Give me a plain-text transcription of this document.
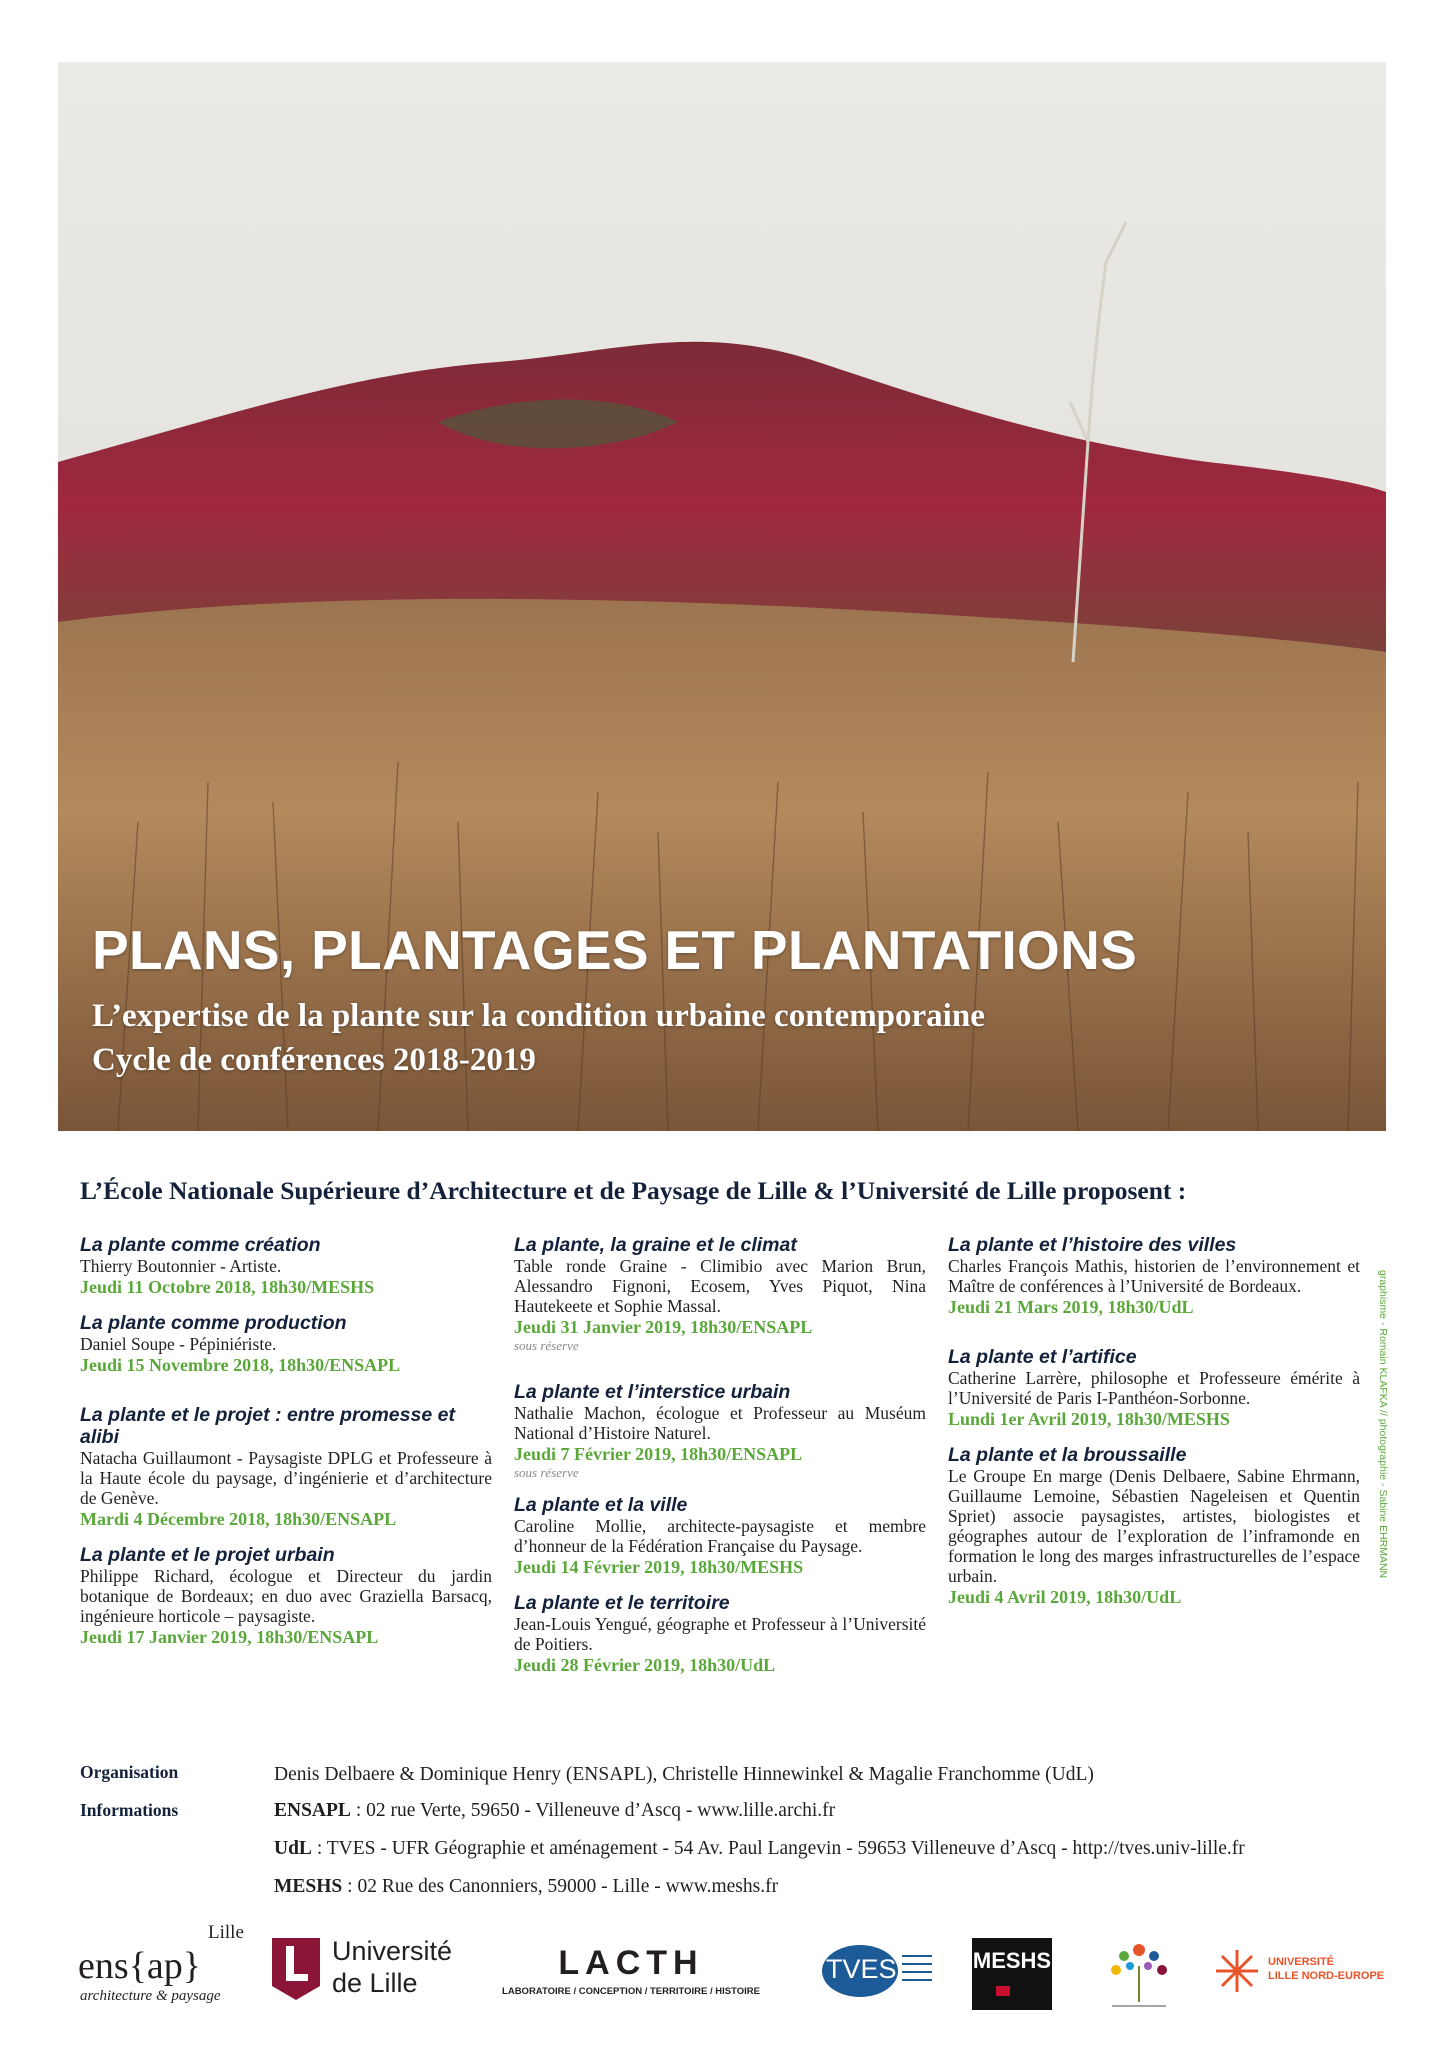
PLANS, PLANTAGES ET PLANTATIONS

L’expertise de la plante sur la condition urbaine contemporaine

Cycle de conférences 2018-2019

L’École Nationale Supérieure d’Architecture et de Paysage de Lille & l’Université de Lille proposent :
La plante comme création
Thierry Boutonnier - Artiste.
Jeudi 11 Octobre 2018, 18h30/MESHS
La plante comme production
Daniel Soupe - Pépiniériste.
Jeudi 15 Novembre 2018, 18h30/ENSAPL
La plante et le projet : entre promesse et alibi
Natacha Guillaumont - Paysagiste DPLG et Professeure à la Haute école du paysage, d’ingénierie et d’architecture de Genève.
Mardi 4 Décembre 2018, 18h30/ENSAPL
La plante et le projet urbain
Philippe Richard, écologue et Directeur du jardin botanique de Bordeaux; en duo avec Graziella Barsacq, ingénieure horticole – paysagiste.
Jeudi 17 Janvier 2019, 18h30/ENSAPL
La plante, la graine et le climat
Table ronde Graine - Climibio avec Marion Brun, Alessandro Fignoni, Ecosem, Yves Piquot, Nina Hautekeete et Sophie Massal.
Jeudi 31 Janvier 2019, 18h30/ENSAPL
sous réserve
La plante et l’interstice urbain
Nathalie Machon, écologue et Professeur au Muséum National d’Histoire Naturel.
Jeudi 7 Février 2019, 18h30/ENSAPL
sous réserve
La plante et la ville
Caroline Mollie, architecte-paysagiste et membre d’honneur de la Fédération Française du Paysage.
Jeudi 14 Février 2019, 18h30/MESHS
La plante et le territoire
Jean-Louis Yengué, géographe et Professeur à l’Université de Poitiers.
Jeudi 28 Février 2019, 18h30/UdL
La plante et l’histoire des villes
Charles François Mathis, historien de l’environnement et Maître de conférences à l’Université de Bordeaux.
Jeudi 21 Mars 2019, 18h30/UdL
La plante et l’artifice
Catherine Larrère, philosophe et Professeure émérite à l’Université de Paris I-Panthéon-Sorbonne.
Lundi 1er Avril 2019, 18h30/MESHS
La plante et la broussaille
Le Groupe En marge (Denis Delbaere, Sabine Ehrmann, Guillaume Lemoine, Sébastien Nageleisen et Quentin Spriet) associe paysagistes, artistes, biologistes et géographes autour de l’exploration de l’inframonde en formation le long des marges infrastructurelles de l’espace urbain.
Jeudi 4 Avril 2019, 18h30/UdL
graphisme - Romain KLAFKA // photographie - Sabine EHRMANN
Organisation	Denis Delbaere & Dominique Henry (ENSAPL), Christelle Hinnewinkel & Magalie Franchomme (UdL)
Informations	ENSAPL : 02 rue Verte, 59650 - Villeneuve d’Ascq - www.lille.archi.fr
UdL : TVES - UFR Géographie et aménagement - 54 Av. Paul Langevin - 59653 Villeneuve d’Ascq - http://tves.univ-lille.fr
MESHS : 02 Rue des Canonniers, 59000 - Lille - www.meshs.fr
ens{ap}
Lille
architecture & paysage
Université
de Lille
LACTH
LABORATOIRE / CONCEPTION / TERRITOIRE / HISTOIRE
TVES	MESHS	UNIVERSITÉ
LILLE NORD-EUROPE
